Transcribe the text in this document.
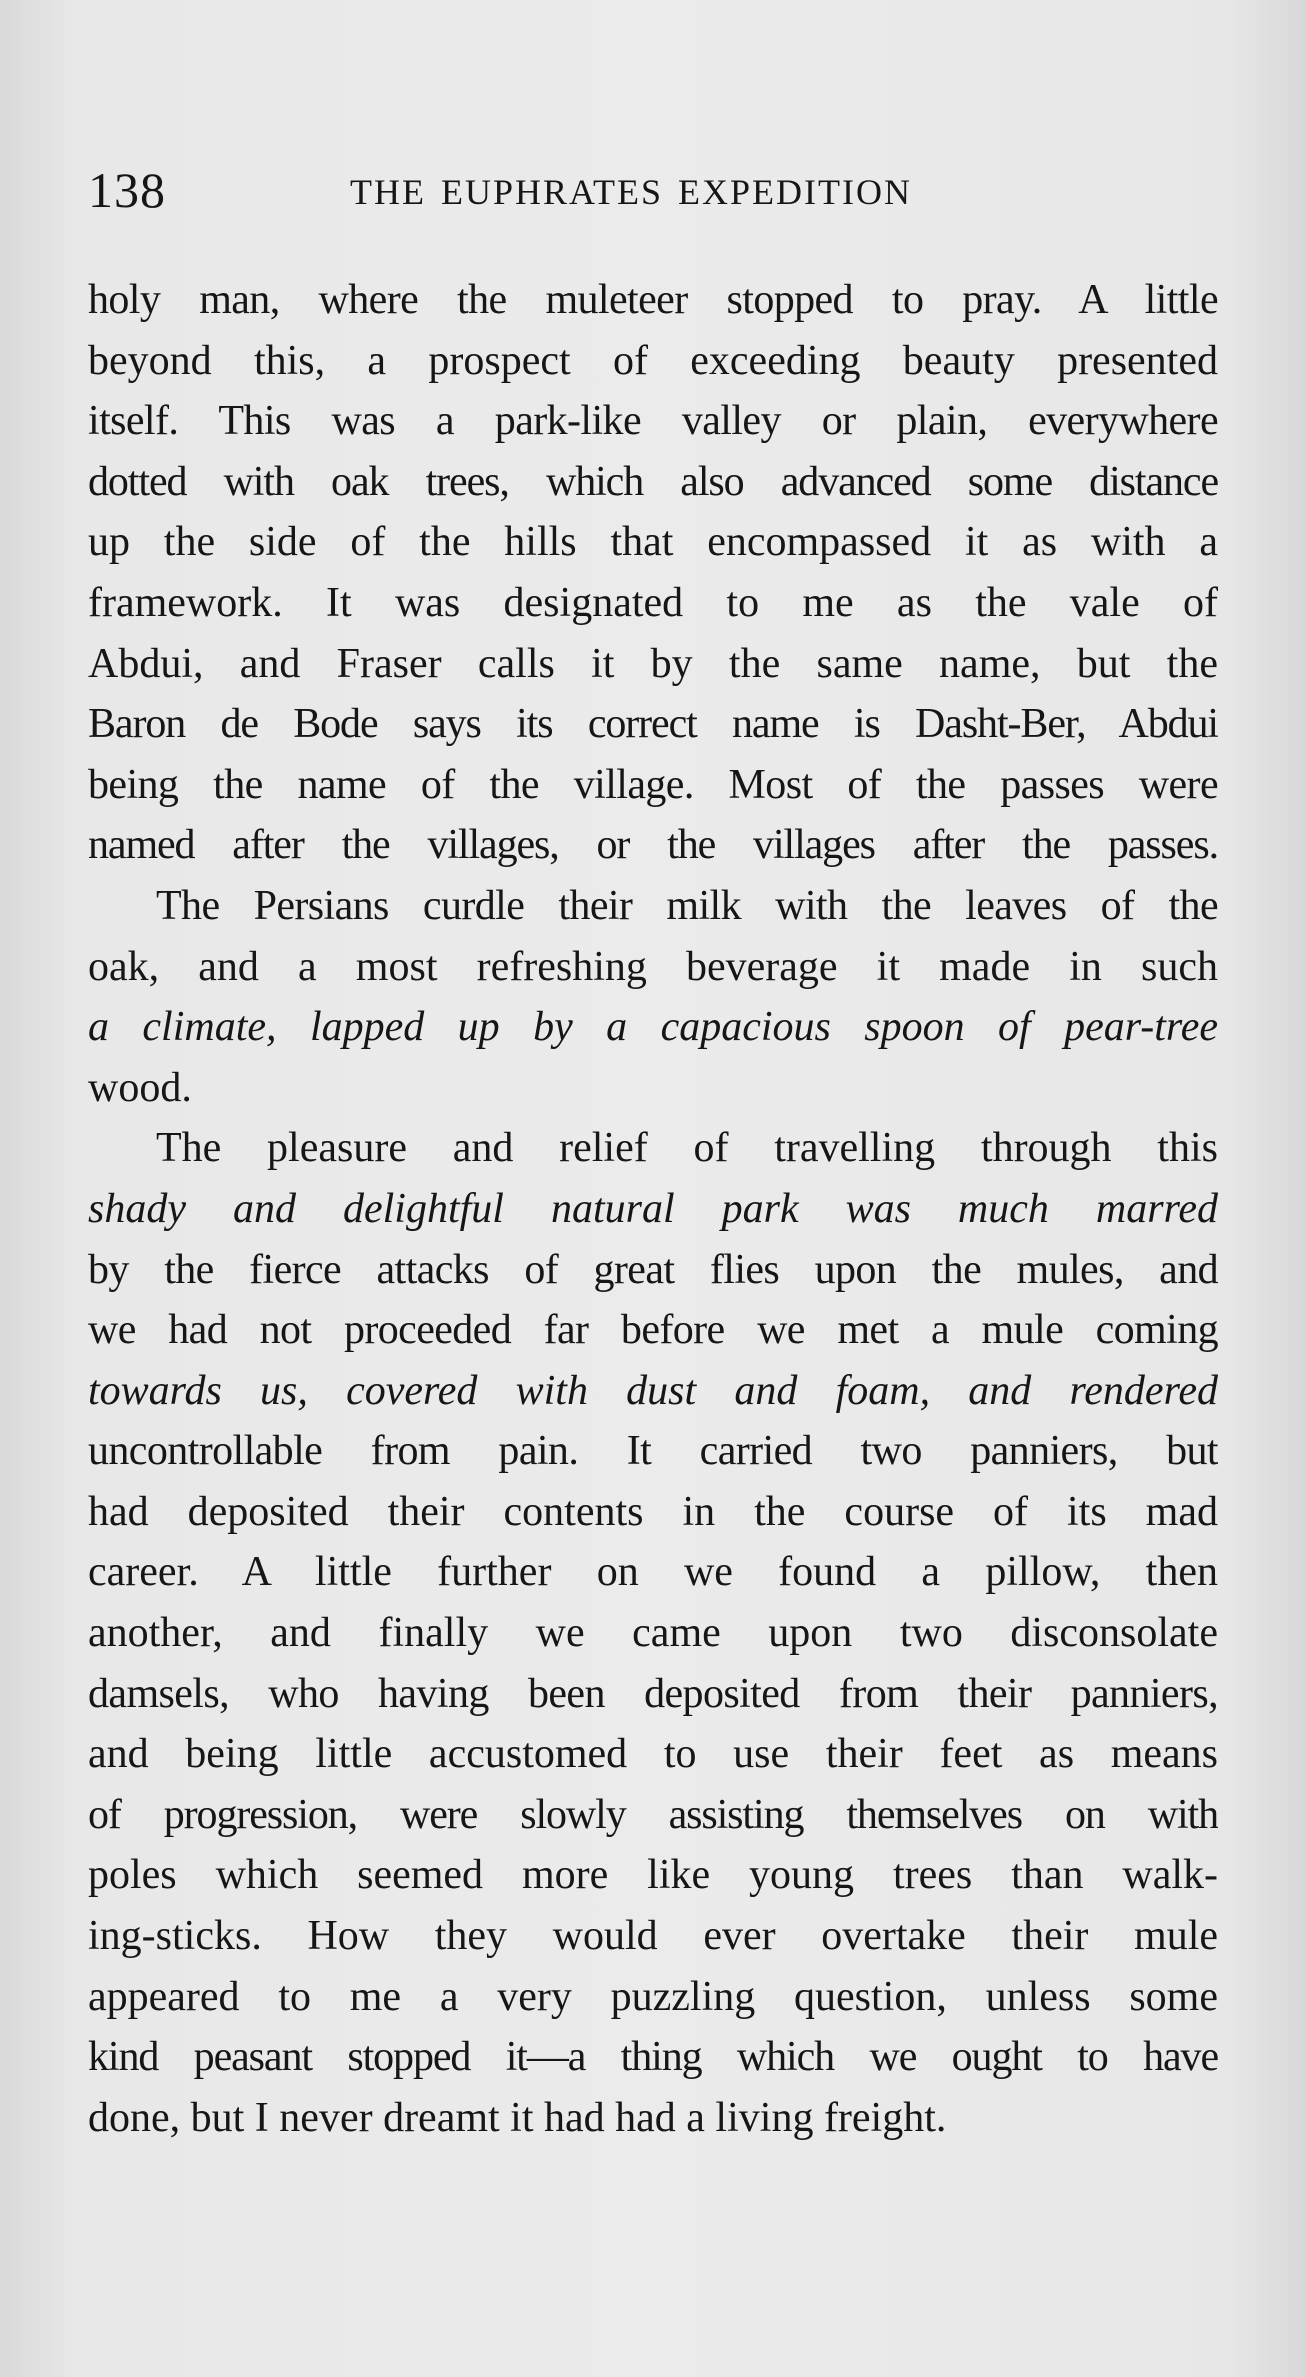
138	THE EUPHRATES EXPEDITION
holy man, where the muleteer stopped to pray. A little
beyond this, a prospect of exceeding beauty presented
itself. This was a park-like valley or plain, everywhere
dotted with oak trees, which also advanced some distance
up the side of the hills that encompassed it as with a
framework. It was designated to me as the vale of
Abdui, and Fraser calls it by the same name, but the
Baron de Bode says its correct name is Dasht-Ber, Abdui
being the name of the village. Most of the passes were
named after the villages, or the villages after the passes.
The Persians curdle their milk with the leaves of the
oak, and a most refreshing beverage it made in such
a climate, lapped up by a capacious spoon of pear-tree
wood.
The pleasure and relief of travelling through this
shady and delightful natural park was much marred
by the fierce attacks of great flies upon the mules, and
we had not proceeded far before we met a mule coming
towards us, covered with dust and foam, and rendered
uncontrollable from pain. It carried two panniers, but
had deposited their contents in the course of its mad
career. A little further on we found a pillow, then
another, and finally we came upon two disconsolate
damsels, who having been deposited from their panniers,
and being little accustomed to use their feet as means
of progression, were slowly assisting themselves on with
poles which seemed more like young trees than walk-
ing-sticks. How they would ever overtake their mule
appeared to me a very puzzling question, unless some
kind peasant stopped it—a thing which we ought to have
done, but I never dreamt it had had a living freight.
